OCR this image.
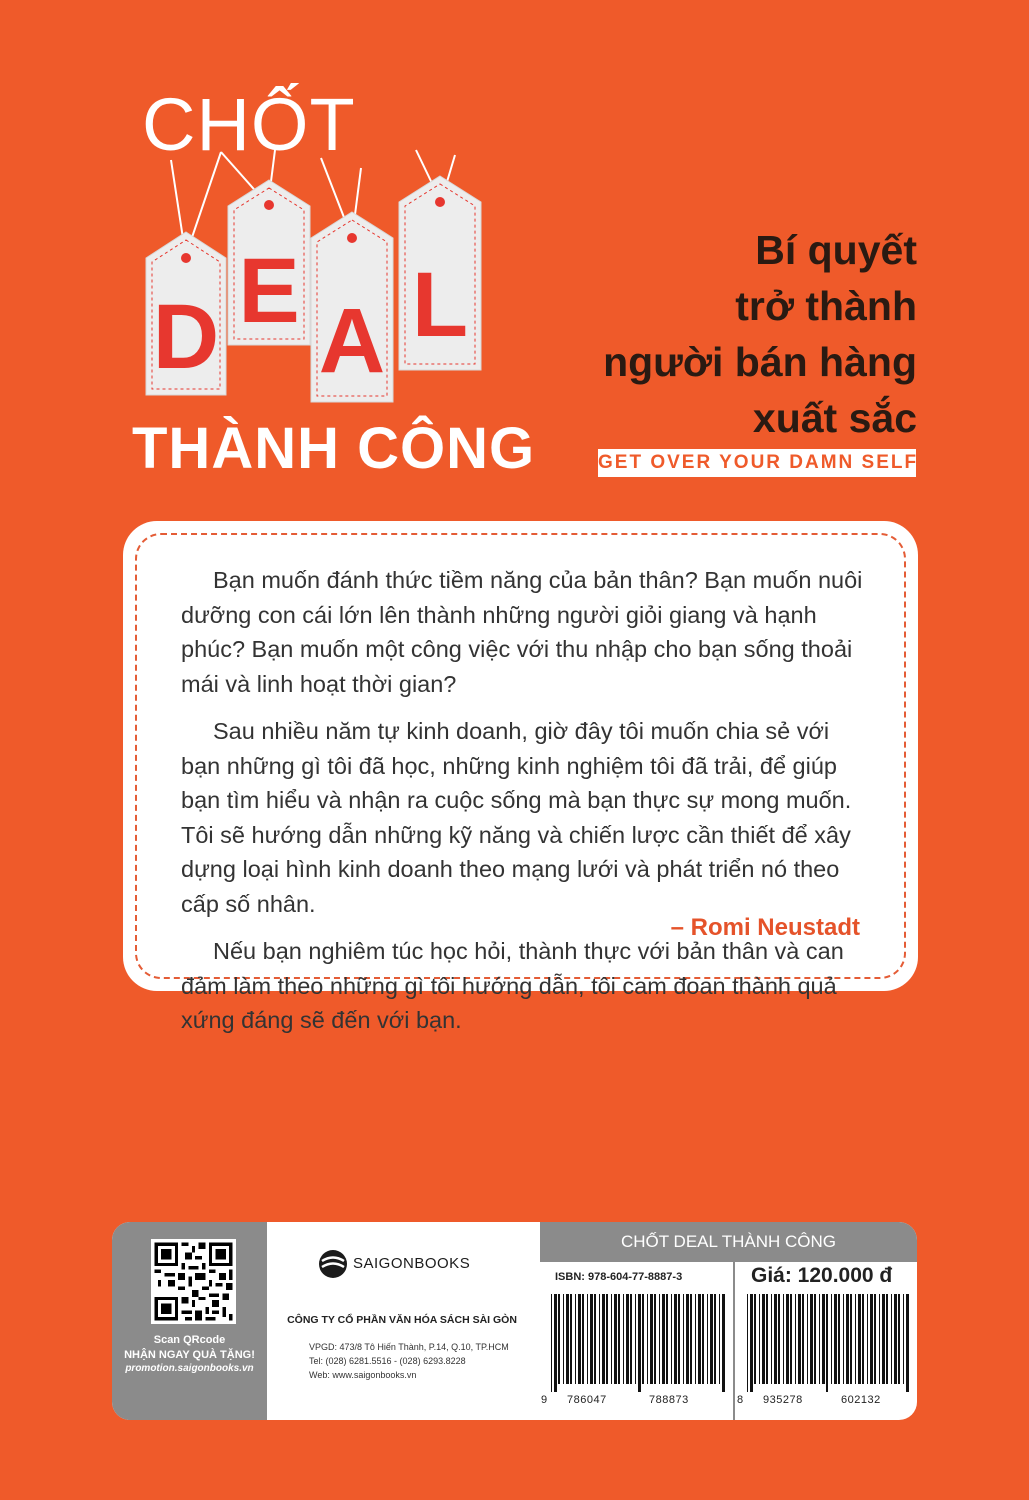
CHỐT
D E A L
THÀNH CÔNG
Bí quyết
trở thành
người bán hàng
xuất sắc
GET OVER YOUR DAMN SELF

Bạn muốn đánh thức tiềm năng của bản thân? Bạn muốn nuôi dưỡng con cái lớn lên thành những người giỏi giang và hạnh phúc? Bạn muốn một công việc với thu nhập cho bạn sống thoải mái và linh hoạt thời gian?

Sau nhiều năm tự kinh doanh, giờ đây tôi muốn chia sẻ với bạn những gì tôi đã học, những kinh nghiệm tôi đã trải, để giúp bạn tìm hiểu và nhận ra cuộc sống mà bạn thực sự mong muốn. Tôi sẽ hướng dẫn những kỹ năng và chiến lược cần thiết để xây dựng loại hình kinh doanh theo mạng lưới và phát triển nó theo cấp số nhân.

Nếu bạn nghiêm túc học hỏi, thành thực với bản thân và can đảm làm theo những gì tôi hướng dẫn, tôi cam đoan thành quả xứng đáng sẽ đến với bạn.

– Romi Neustadt
Scan QRcode
NHẬN NGAY QUÀ TẶNG!
promotion.saigonbooks.vn
SAIGONBOOKS
CÔNG TY CỔ PHẦN VĂN HÓA SÁCH SÀI GÒN
VPGD: 473/8 Tô Hiến Thành, P.14, Q.10, TP.HCM
Tel: (028) 6281.5516 - (028) 6293.8228
Web: www.saigonbooks.vn
CHỐT DEAL THÀNH CÔNG
ISBN: 978-604-77-8887-3	Giá: 120.000 đ
9 786047	788873	8 935278	602132
